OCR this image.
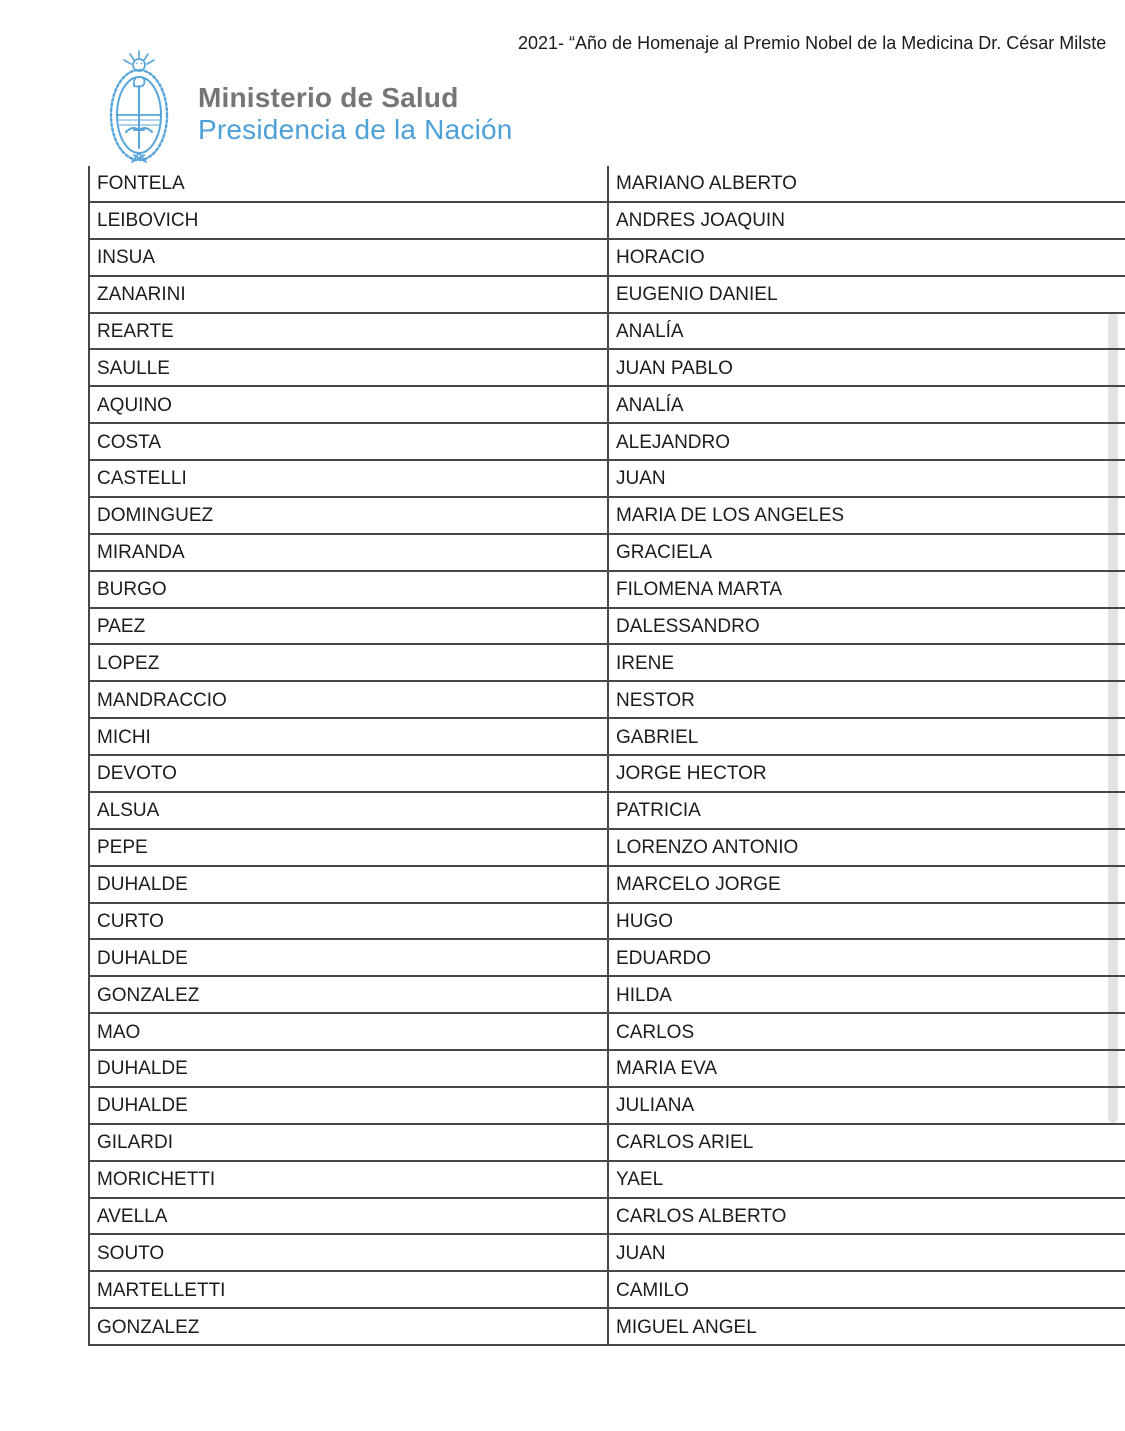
2021- “Año de Homenaje al Premio Nobel de la Medicina Dr. César Milste
Ministerio de Salud
Presidencia de la Nación
FONTELA	MARIANO ALBERTO
LEIBOVICH	ANDRES JOAQUIN
INSUA	HORACIO
ZANARINI	EUGENIO DANIEL
REARTE	ANALÍA
SAULLE	JUAN PABLO
AQUINO	ANALÍA
COSTA	ALEJANDRO
CASTELLI	JUAN
DOMINGUEZ	MARIA DE LOS ANGELES
MIRANDA	GRACIELA
BURGO	FILOMENA MARTA
PAEZ	DALESSANDRO
LOPEZ	IRENE
MANDRACCIO	NESTOR
MICHI	GABRIEL
DEVOTO	JORGE HECTOR
ALSUA	PATRICIA
PEPE	LORENZO ANTONIO
DUHALDE	MARCELO JORGE
CURTO	HUGO
DUHALDE	EDUARDO
GONZALEZ	HILDA
MAO	CARLOS
DUHALDE	MARIA EVA
DUHALDE	JULIANA
GILARDI	CARLOS ARIEL
MORICHETTI	YAEL
AVELLA	CARLOS ALBERTO
SOUTO	JUAN
MARTELLETTI	CAMILO
GONZALEZ	MIGUEL ANGEL
